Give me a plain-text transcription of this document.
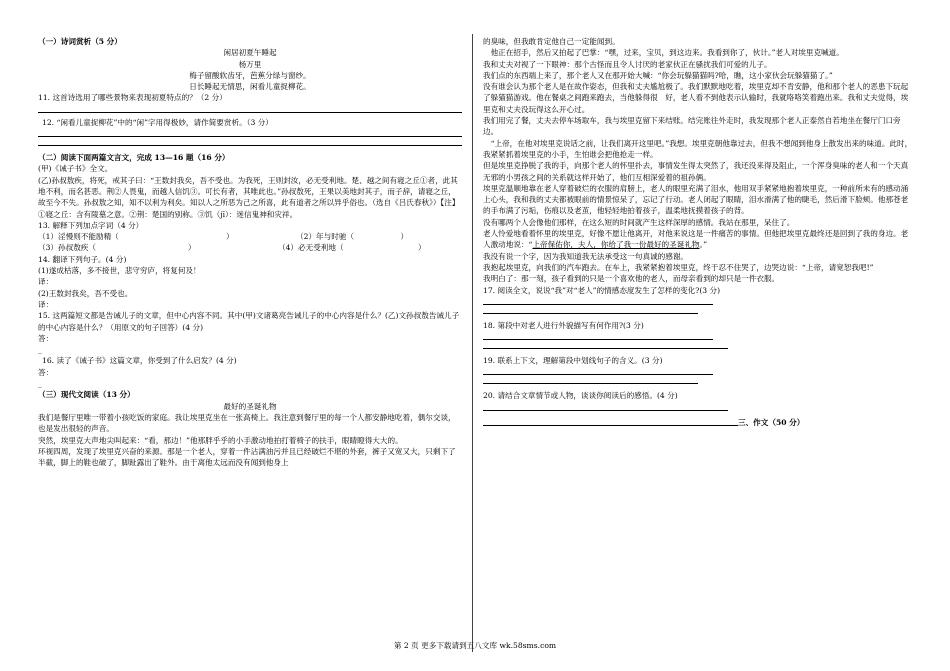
（一）诗词赏析（5 分）

闲居初夏午睡起

杨万里

梅子留酸软齿牙，芭蕉分绿与窗纱。

日长睡起无情思，闲看儿童捉柳花。

11. 这首诗选用了哪些景物来表现初夏特点的？（2 分）

12. “闲看儿童捉柳花”中的“闲”字用得极妙，请作简要赏析。（3 分）

（二）阅读下面两篇文言文，完成 13—16 题（16 分）

(甲)《诫子书》全文。

(乙)孙叔敖疾，将死，戒其子曰：“王数封我矣，吾不受也。为我死，王则封汝，必无受利地。楚、越之间有寝之丘①者，此其地不利，而名甚恶。荆②人畏鬼，而越人信饥③。可长有者，其唯此也。”孙叔敖死，王果以美地封其子，而子辞，请寝之丘，故至今不失。孙叔敖之知，知不以利为利矣。知以人之所恶为己之所喜，此有道者之所以异乎俗也。（选自《吕氏春秋》）【注】①寝之丘：含有陵墓之意。②荆：楚国的别称。③饥（jī）：迷信鬼神和灾祥。

13. 解释下列加点字词（4 分）

（1）淫慢则不能励精（	）	（2 ）年与时驰（	）
（3）孙叔敖疾（	）	（4）必无受利地（	）

14. 翻译下列句子。(4 分)

(1)遂成枯落，多不接世，悲守穷庐，将复何及！

译：

(2)王数封我矣，吾不受也。

译：

15. 这两篇短文都是告诫儿子的文章，但中心内容不同。其中(甲)文诸葛亮告诫儿子的中心内容是什么？(乙)文孙叔敖告诫儿子的中心内容是什么？（用原文的句子回答）(4 分)

答：

_

16. 读了《诫子书》这篇文章，你受到了什么启发？(4 分)

答：

_

（三）现代文阅读（13 分）

最好的圣诞礼物

我们是餐厅里唯一带着小孩吃饭的家庭。我让埃里克坐在一张高椅上。我注意到餐厅里的每一个人都安静地吃着，偶尔交谈，也是发出很轻的声音。

突然，埃里克大声地尖叫起来：“看，那边！”他那胖乎乎的小手激动地拍打着椅子的扶手，眼睛瞪得大大的。

环视四周，发现了埃里克兴奋的来源。那是一个老人，穿着一件沾满油污并且已经破烂不堪的外套，裤子又宽又大，只剩下了半截，脚上的鞋也破了，脚趾露出了鞋外。由于离他太远而没有闻到他身上

的臭味，但我敢肯定他自己一定能闻到。

他正在招手，然后又拍起了巴掌：“嘿，过来，宝贝，到这边来。我看到你了，伙计。”老人对埃里克喊道。

我和丈夫对视了一下眼神：那个古怪而且令人讨厌的老家伙正在骚扰我们可爱的儿子。

我们点的东西端上来了，那个老人又在那开始大喊：“你会玩躲猫猫吗?哈，瞧，这小家伙会玩躲猫猫了。”

没有谁会认为那个老人是在故作姿态，但我和丈夫尴尬极了。我们默默地吃着，埃里克却不肯安静，他和那个老人的恶患下玩起了躲猫猫游戏。他在餐桌之间跑来跑去，当他躲得很　好，老人看不到他表示认输时，我就咯咯笑着跑出来。我和丈夫觉得，埃里克和丈夫没玩得这么开心过。

我们用完了餐，丈夫去停车场取车，我与埃里克留下来结账。结完账往外走时，我发现那个老人正泰然自若地坐在餐厅门口旁边。

“上帝，在他对埃里克说话之前，让我们离开这里吧。”我想。埃里克朝他靠过去，但我不想闻到他身上散发出来的味道。此时，我紧紧抓着埃里克的小手，生怕谁会把他抢走一样。

但是埃里克挣脱了我的手，向那个老人的怀里扑去，事情发生得太突然了，我还没来得及阻止，一个浑身臭味的老人和一个天真无邪的小男孩之间的关系就这样开始了，他们互相深爱着的祖孙俩。

埃里克温顺地靠在老人穿着破烂的衣服的肩膀上，老人的眼里充满了泪水，他用双手紧紧地抱着埃里克，一种前所未有的感动涌上心头，我和我的丈夫都被眼前的情景惊呆了，忘记了行动。老人闭起了眼睛，泪水滑满了他的睫毛，然后滑下脸颊。他那苍老的手布满了污垢，伤痕以及老茧，他轻轻地拍着孩子，温柔地抚摸着孩子的背。

没有哪两个人会像他们那样，在这么短的时间就产生这样深厚的感情。我站在那里，呆住了。

老人怜爱地看着怀里的埃里克，好像不愿让他离开，对他来说这是一件痛苦的事情。但他把埃里克最终还是回到了我的身边。老人激动地说：“上帝保佑你，夫人，你给了我一份最好的圣诞礼物。”

我没有说一个字，因为我知道我无法承受这一句真诚的感谢。

我抱起埃里克，向我们的汽车跑去。在车上，我紧紧抱着埃里克，终于忍不住哭了，边哭边说：“上帝，请宽恕我吧!”

我明白了：那一刻，孩子看到的只是一个喜欢他的老人，而母亲看到的却只是一件衣服。

17. 阅读全文，说说“我”对“老人”的情感态度发生了怎样的变化?(3 分)

18. 第段中对老人进行外貌描写有何作用?(3 分)

19. 联系上下文，理解第段中划线句子的含义。(3 分)

20. 请结合文章情节或人物，谈谈你阅读后的感悟。(4 分)

三、作文（50 分）
第 2 页 更多下载请到五八文库 wk.58sms.com
